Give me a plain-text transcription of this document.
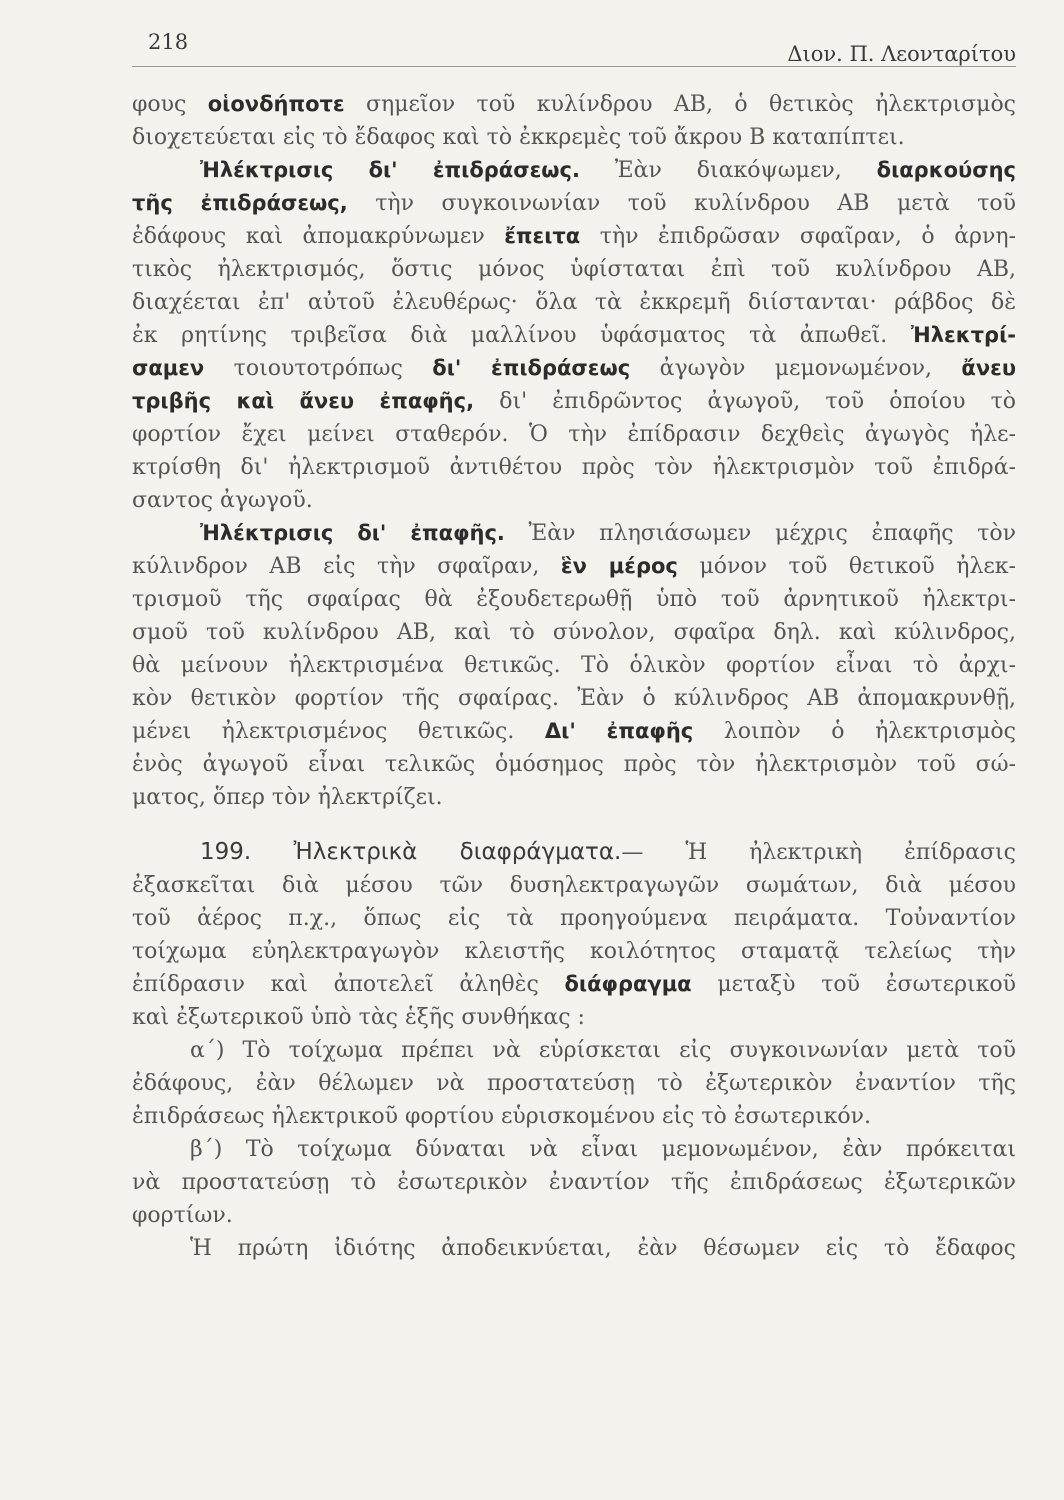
218	Διον. Π. Λεονταρίτου
φους οἱονδήποτε σημεῖον τοῦ κυλίνδρου ΑΒ, ὁ θετικὸς ἠλεκτρισμὸς
διοχετεύεται εἰς τὸ ἔδαφος καὶ τὸ ἐκκρεμὲς τοῦ ἄκρου Β καταπίπτει.
Ἠλέκτρισις δι' ἐπιδράσεως. Ἐὰν διακόψωμεν, διαρκούσης
τῆς ἐπιδράσεως, τὴν συγκοινωνίαν τοῦ κυλίνδρου ΑΒ μετὰ τοῦ
ἐδάφους καὶ ἀπομακρύνωμεν ἔπειτα τὴν ἐπιδρῶσαν σφαῖραν, ὁ ἀρνη-
τικὸς ἠλεκτρισμός, ὅστις μόνος ὑφίσταται ἐπὶ τοῦ κυλίνδρου ΑΒ,
διαχέεται ἐπ' αὐτοῦ ἐλευθέρως· ὅλα τὰ ἐκκρεμῆ διίστανται· ράβδος δὲ
ἐκ ρητίνης τριβεῖσα διὰ μαλλίνου ὑφάσματος τὰ ἀπωθεῖ. Ἠλεκτρί-
σαμεν τοιουτοτρόπως δι' ἐπιδράσεως ἀγωγὸν μεμονωμένον, ἄνευ
τριβῆς καὶ ἄνευ ἐπαφῆς, δι' ἐπιδρῶντος ἀγωγοῦ, τοῦ ὁποίου τὸ
φορτίον ἔχει μείνει σταθερόν. Ὁ τὴν ἐπίδρασιν δεχθεὶς ἀγωγὸς ἠλε-
κτρίσθη δι' ἠλεκτρισμοῦ ἀντιθέτου πρὸς τὸν ἠλεκτρισμὸν τοῦ ἐπιδρά-
σαντος ἀγωγοῦ.
Ἠλέκτρισις δι' ἐπαφῆς. Ἐὰν πλησιάσωμεν μέχρις ἐπαφῆς τὸν
κύλινδρον ΑΒ εἰς τὴν σφαῖραν, ἓν μέρος μόνον τοῦ θετικοῦ ἠλεκ-
τρισμοῦ τῆς σφαίρας θὰ ἐξουδετερωθῇ ὑπὸ τοῦ ἀρνητικοῦ ἠλεκτρι-
σμοῦ τοῦ κυλίνδρου ΑΒ, καὶ τὸ σύνολον, σφαῖρα δηλ. καὶ κύλινδρος,
θὰ μείνουν ἠλεκτρισμένα θετικῶς. Τὸ ὁλικὸν φορτίον εἶναι τὸ ἀρχι-
κὸν θετικὸν φορτίον τῆς σφαίρας. Ἐὰν ὁ κύλινδρος ΑΒ ἀπομακρυνθῇ,
μένει ἠλεκτρισμένος θετικῶς. Δι' ἐπαφῆς λοιπὸν ὁ ἠλεκτρισμὸς
ἑνὸς ἀγωγοῦ εἶναι τελικῶς ὁμόσημος πρὸς τὸν ἠλεκτρισμὸν τοῦ σώ-
ματος, ὅπερ τὸν ἠλεκτρίζει.
199. Ἠλεκτρικὰ διαφράγματα.— Ἡ ἠλεκτρικὴ ἐπίδρασις
ἐξασκεῖται διὰ μέσου τῶν δυσηλεκτραγωγῶν σωμάτων, διὰ μέσου
τοῦ ἀέρος π.χ., ὅπως εἰς τὰ προηγούμενα πειράματα. Τοὐναντίον
τοίχωμα εὐηλεκτραγωγὸν κλειστῆς κοιλότητος σταματᾷ τελείως τὴν
ἐπίδρασιν καὶ ἀποτελεῖ ἀληθὲς διάφραγμα μεταξὺ τοῦ ἐσωτερικοῦ
καὶ ἐξωτερικοῦ ὑπὸ τὰς ἑξῆς συνθήκας :
α΄) Τὸ τοίχωμα πρέπει νὰ εὑρίσκεται εἰς συγκοινωνίαν μετὰ τοῦ
ἐδάφους, ἐὰν θέλωμεν νὰ προστατεύσῃ τὸ ἐξωτερικὸν ἐναντίον τῆς
ἐπιδράσεως ἠλεκτρικοῦ φορτίου εὑρισκομένου εἰς τὸ ἐσωτερικόν.
β΄) Τὸ τοίχωμα δύναται νὰ εἶναι μεμονωμένον, ἐὰν πρόκειται
νὰ προστατεύσῃ τὸ ἐσωτερικὸν ἐναντίον τῆς ἐπιδράσεως ἐξωτερικῶν
φορτίων.
Ἡ πρώτη ἰδιότης ἀποδεικνύεται, ἐὰν θέσωμεν εἰς τὸ ἔδαφος
